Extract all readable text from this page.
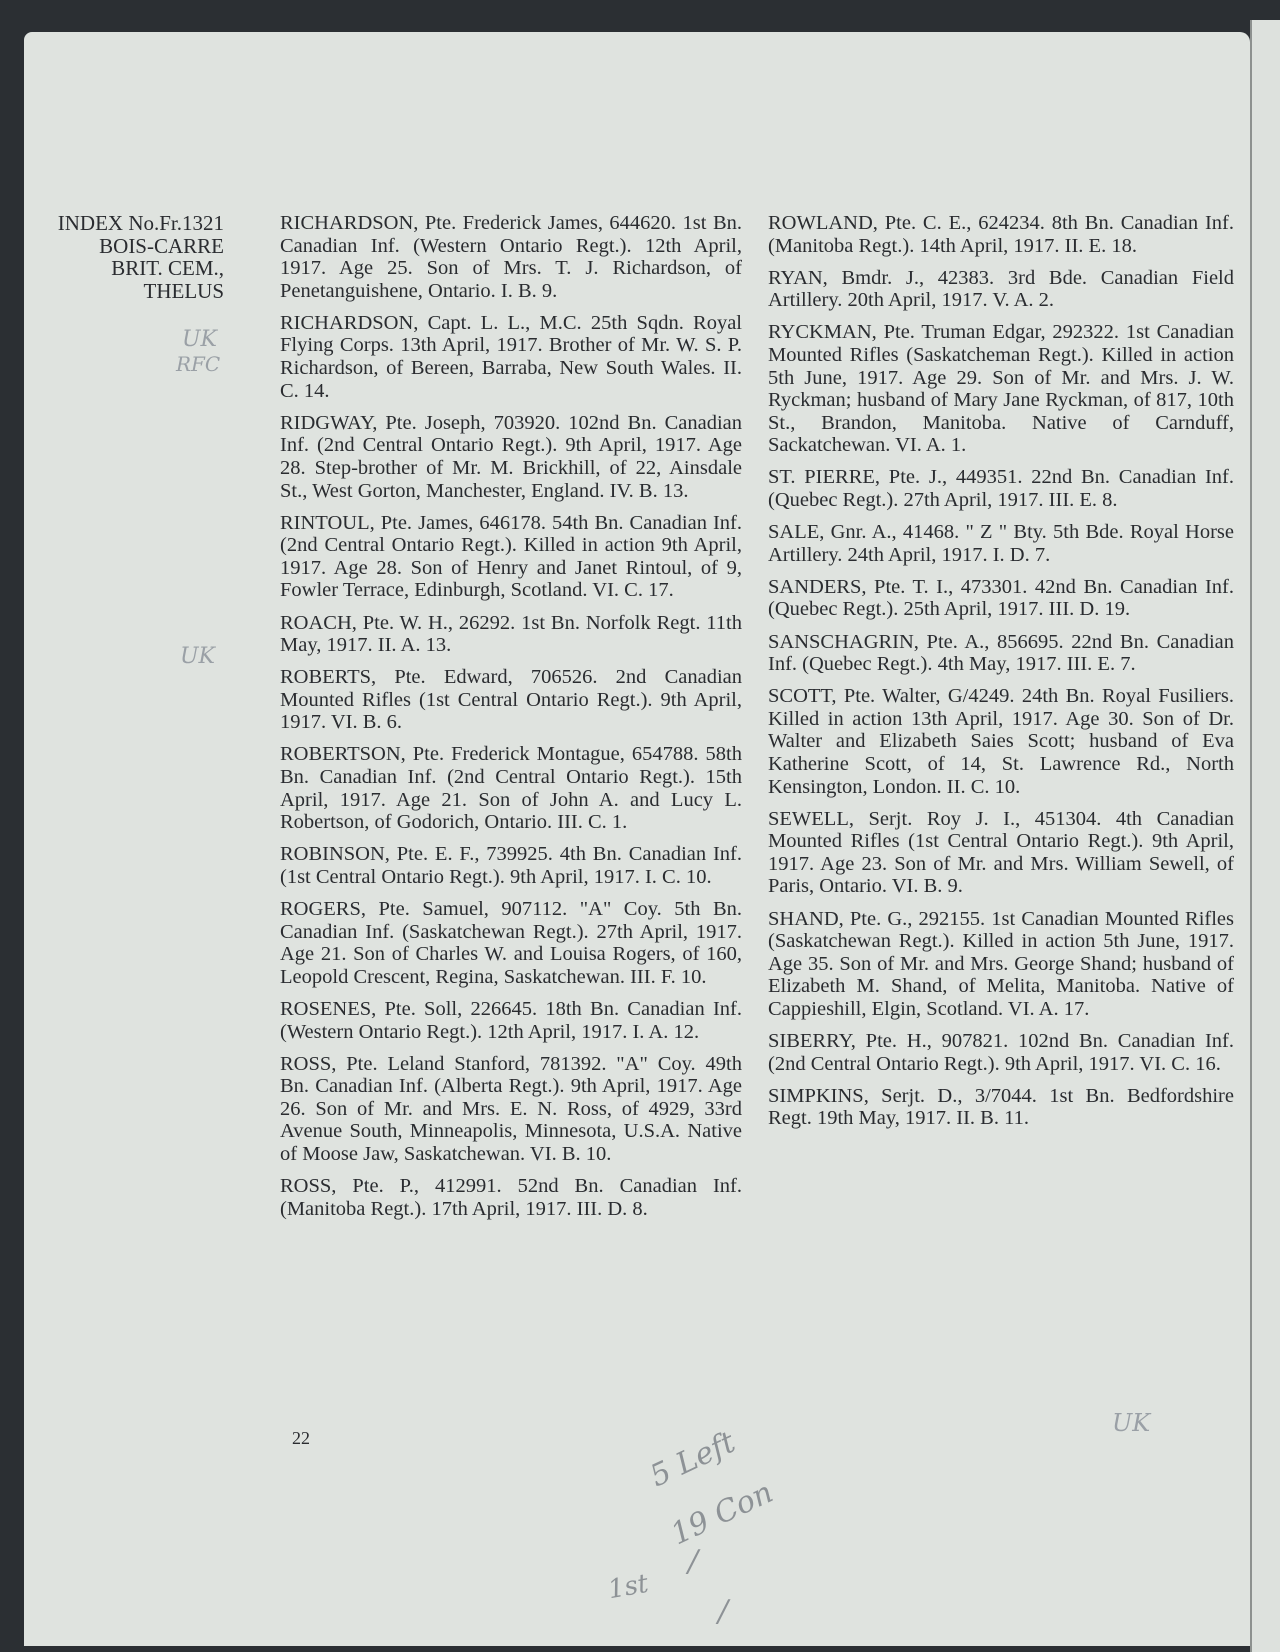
INDEX No.Fr.1321
BOIS-CARRE
BRIT. CEM.,
THELUS

RICHARDSON, Pte. Frederick James, 644620. 1st Bn. Canadian Inf. (Western Ontario Regt.). 12th April, 1917. Age 25. Son of Mrs. T. J. Richardson, of Penetanguishene, Ontario. I. B. 9.

RICHARDSON, Capt. L. L., M.C. 25th Sqdn. Royal Flying Corps. 13th April, 1917. Brother of Mr. W. S. P. Richardson, of Bereen, Barraba, New South Wales. II. C. 14.

RIDGWAY, Pte. Joseph, 703920. 102nd Bn. Canadian Inf. (2nd Central Ontario Regt.). 9th April, 1917. Age 28. Step-brother of Mr. M. Brickhill, of 22, Ainsdale St., West Gorton, Manchester, England. IV. B. 13.

RINTOUL, Pte. James, 646178. 54th Bn. Canadian Inf. (2nd Central Ontario Regt.). Killed in action 9th April, 1917. Age 28. Son of Henry and Janet Rintoul, of 9, Fowler Terrace, Edinburgh, Scotland. VI. C. 17.

ROACH, Pte. W. H., 26292. 1st Bn. Norfolk Regt. 11th May, 1917. II. A. 13.

ROBERTS, Pte. Edward, 706526. 2nd Canadian Mounted Rifles (1st Central Ontario Regt.). 9th April, 1917. VI. B. 6.

ROBERTSON, Pte. Frederick Montague, 654788. 58th Bn. Canadian Inf. (2nd Central Ontario Regt.). 15th April, 1917. Age 21. Son of John A. and Lucy L. Robertson, of Godorich, Ontario. III. C. 1.

ROBINSON, Pte. E. F., 739925. 4th Bn. Canadian Inf. (1st Central Ontario Regt.). 9th April, 1917. I. C. 10.

ROGERS, Pte. Samuel, 907112. "A" Coy. 5th Bn. Canadian Inf. (Saskatchewan Regt.). 27th April, 1917. Age 21. Son of Charles W. and Louisa Rogers, of 160, Leopold Crescent, Regina, Saskatchewan. III. F. 10.

ROSENES, Pte. Soll, 226645. 18th Bn. Canadian Inf. (Western Ontario Regt.). 12th April, 1917. I. A. 12.

ROSS, Pte. Leland Stanford, 781392. "A" Coy. 49th Bn. Canadian Inf. (Alberta Regt.). 9th April, 1917. Age 26. Son of Mr. and Mrs. E. N. Ross, of 4929, 33rd Avenue South, Minneapolis, Minnesota, U.S.A. Native of Moose Jaw, Saskatchewan. VI. B. 10.

ROSS, Pte. P., 412991. 52nd Bn. Canadian Inf. (Manitoba Regt.). 17th April, 1917. III. D. 8.

ROWLAND, Pte. C. E., 624234. 8th Bn. Canadian Inf. (Manitoba Regt.). 14th April, 1917. II. E. 18.

RYAN, Bmdr. J., 42383. 3rd Bde. Canadian Field Artillery. 20th April, 1917. V. A. 2.

RYCKMAN, Pte. Truman Edgar, 292322. 1st Canadian Mounted Rifles (Saskatcheman Regt.). Killed in action 5th June, 1917. Age 29. Son of Mr. and Mrs. J. W. Ryckman; husband of Mary Jane Ryckman, of 817, 10th St., Brandon, Manitoba. Native of Carnduff, Sackatchewan. VI. A. 1.

ST. PIERRE, Pte. J., 449351. 22nd Bn. Canadian Inf. (Quebec Regt.). 27th April, 1917. III. E. 8.

SALE, Gnr. A., 41468. " Z " Bty. 5th Bde. Royal Horse Artillery. 24th April, 1917. I. D. 7.

SANDERS, Pte. T. I., 473301. 42nd Bn. Canadian Inf. (Quebec Regt.). 25th April, 1917. III. D. 19.

SANSCHAGRIN, Pte. A., 856695. 22nd Bn. Canadian Inf. (Quebec Regt.). 4th May, 1917. III. E. 7.

SCOTT, Pte. Walter, G/4249. 24th Bn. Royal Fusiliers. Killed in action 13th April, 1917. Age 30. Son of Dr. Walter and Elizabeth Saies Scott; husband of Eva Katherine Scott, of 14, St. Lawrence Rd., North Kensington, London. II. C. 10.

SEWELL, Serjt. Roy J. I., 451304. 4th Canadian Mounted Rifles (1st Central Ontario Regt.). 9th April, 1917. Age 23. Son of Mr. and Mrs. William Sewell, of Paris, Ontario. VI. B. 9.

SHAND, Pte. G., 292155. 1st Canadian Mounted Rifles (Saskatchewan Regt.). Killed in action 5th June, 1917. Age 35. Son of Mr. and Mrs. George Shand; husband of Elizabeth M. Shand, of Melita, Manitoba. Native of Cappieshill, Elgin, Scotland. VI. A. 17.

SIBERRY, Pte. H., 907821. 102nd Bn. Canadian Inf. (2nd Central Ontario Regt.). 9th April, 1917. VI. C. 16.

SIMPKINS, Serjt. D., 3/7044. 1st Bn. Bedfordshire Regt. 19th May, 1917. II. B. 11.

22
UK
RFC
UK
UK
5 Left
19 Con
/
1st
/
